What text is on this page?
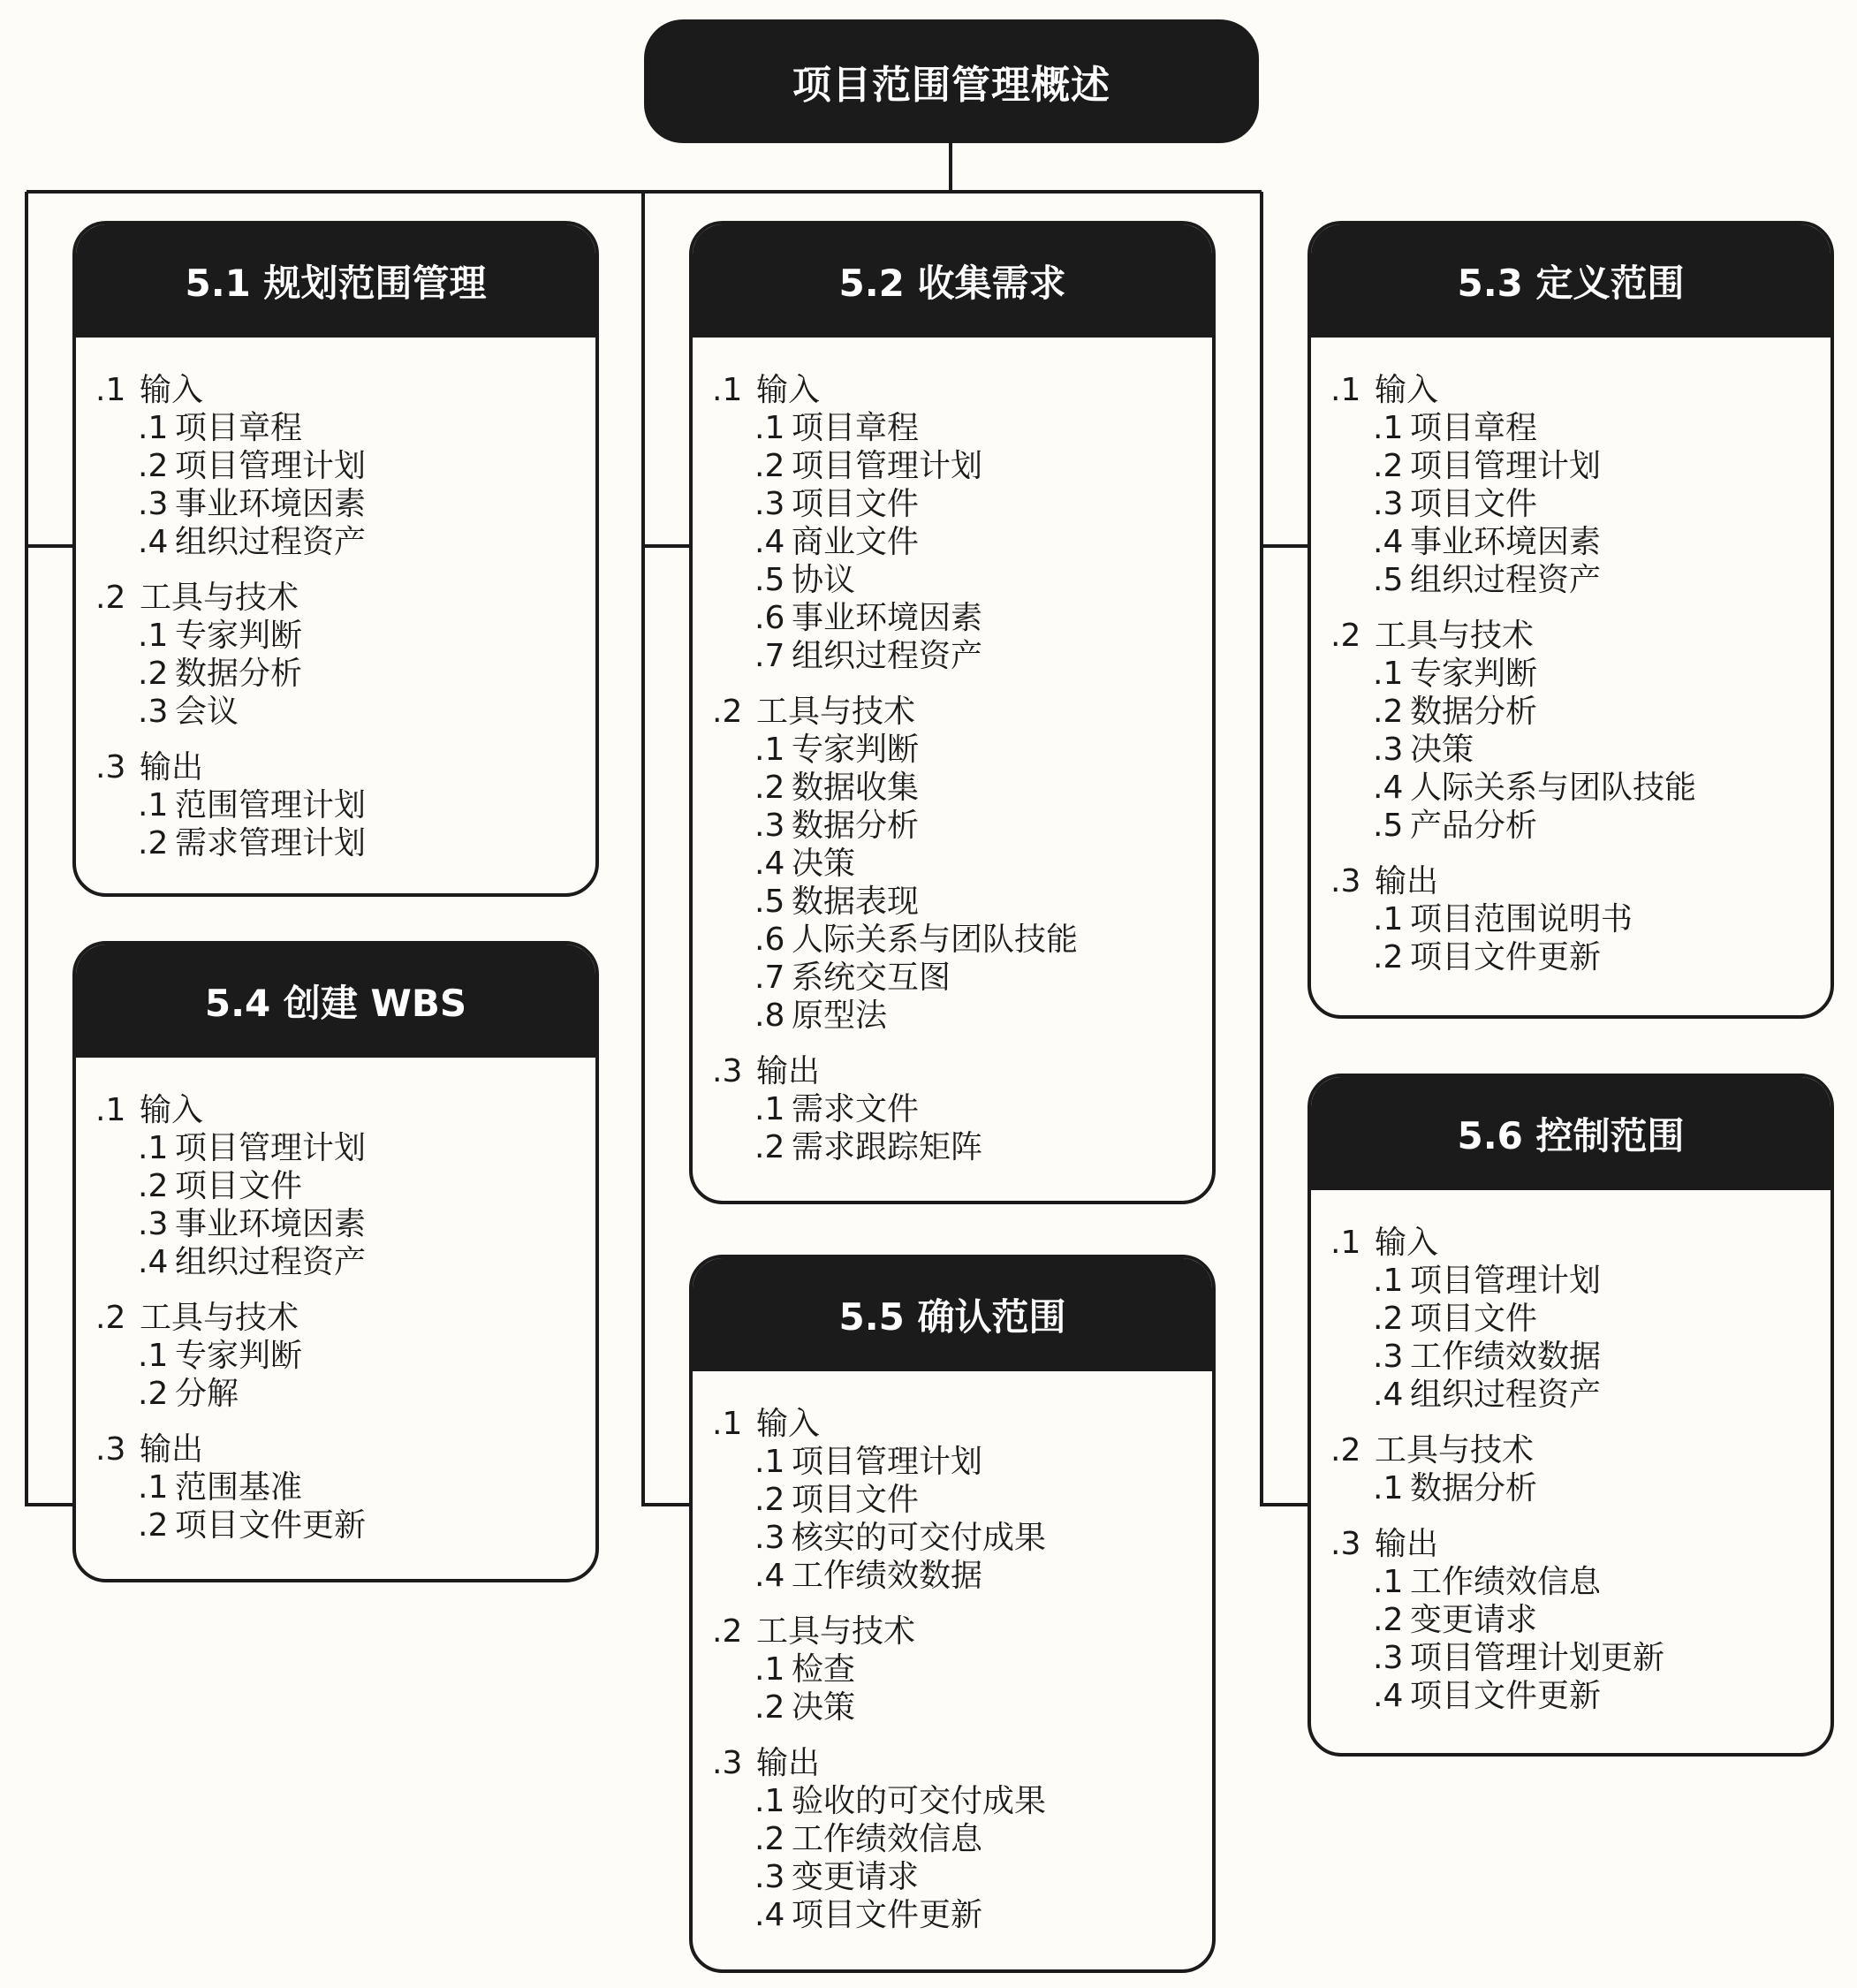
项目范围管理概述
5.1 规划范围管理
.1 输入
.1 项目章程
.2 项目管理计划
.3 事业环境因素
.4 组织过程资产
.2 工具与技术
.1 专家判断
.2 数据分析
.3 会议
.3 输出
.1 范围管理计划
.2 需求管理计划
5.2 收集需求
.1 输入
.1 项目章程
.2 项目管理计划
.3 项目文件
.4 商业文件
.5 协议
.6 事业环境因素
.7 组织过程资产
.2 工具与技术
.1 专家判断
.2 数据收集
.3 数据分析
.4 决策
.5 数据表现
.6 人际关系与团队技能
.7 系统交互图
.8 原型法
.3 输出
.1 需求文件
.2 需求跟踪矩阵
5.3 定义范围
.1 输入
.1 项目章程
.2 项目管理计划
.3 项目文件
.4 事业环境因素
.5 组织过程资产
.2 工具与技术
.1 专家判断
.2 数据分析
.3 决策
.4 人际关系与团队技能
.5 产品分析
.3 输出
.1 项目范围说明书
.2 项目文件更新
5.4 创建 WBS
.1 输入
.1 项目管理计划
.2 项目文件
.3 事业环境因素
.4 组织过程资产
.2 工具与技术
.1 专家判断
.2 分解
.3 输出
.1 范围基准
.2 项目文件更新
5.5 确认范围
.1 输入
.1 项目管理计划
.2 项目文件
.3 核实的可交付成果
.4 工作绩效数据
.2 工具与技术
.1 检查
.2 决策
.3 输出
.1 验收的可交付成果
.2 工作绩效信息
.3 变更请求
.4 项目文件更新
5.6 控制范围
.1 输入
.1 项目管理计划
.2 项目文件
.3 工作绩效数据
.4 组织过程资产
.2 工具与技术
.1 数据分析
.3 输出
.1 工作绩效信息
.2 变更请求
.3 项目管理计划更新
.4 项目文件更新
